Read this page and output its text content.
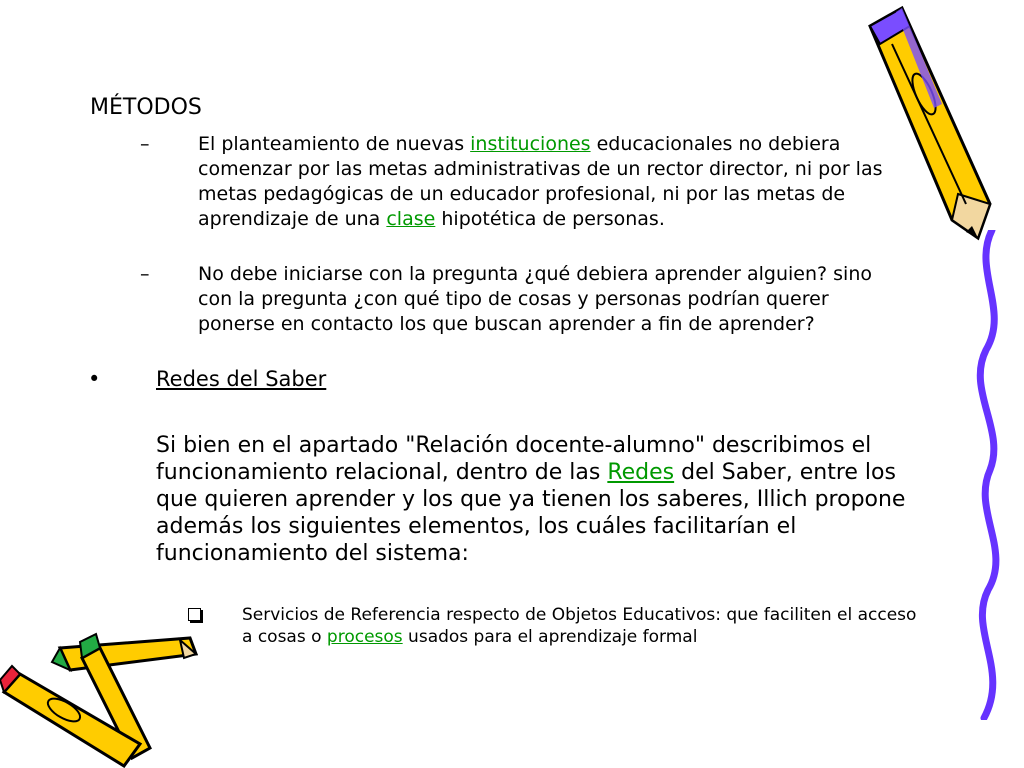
MÉTODOS
–	El planteamiento de nuevas instituciones educacionales no debiera comenzar por las metas administrativas de un rector director, ni por las metas pedagógicas de un educador profesional, ni por las metas de aprendizaje de una clase hipotética de personas.
–	No debe iniciarse con la pregunta ¿qué debiera aprender alguien? sino con la pregunta ¿con qué tipo de cosas y personas podrían querer ponerse en contacto los que buscan aprender a fin de aprender?
•	Redes del Saber
Si bien en el apartado "Relación docente-alumno" describimos el funcionamiento relacional, dentro de las Redes del Saber, entre los que quieren aprender y los que ya tienen los saberes, Illich propone además los siguientes elementos, los cuáles facilitarían el funcionamiento del sistema:
Servicios de Referencia respecto de Objetos Educativos: que faciliten el acceso a cosas o procesos usados para el aprendizaje formal
